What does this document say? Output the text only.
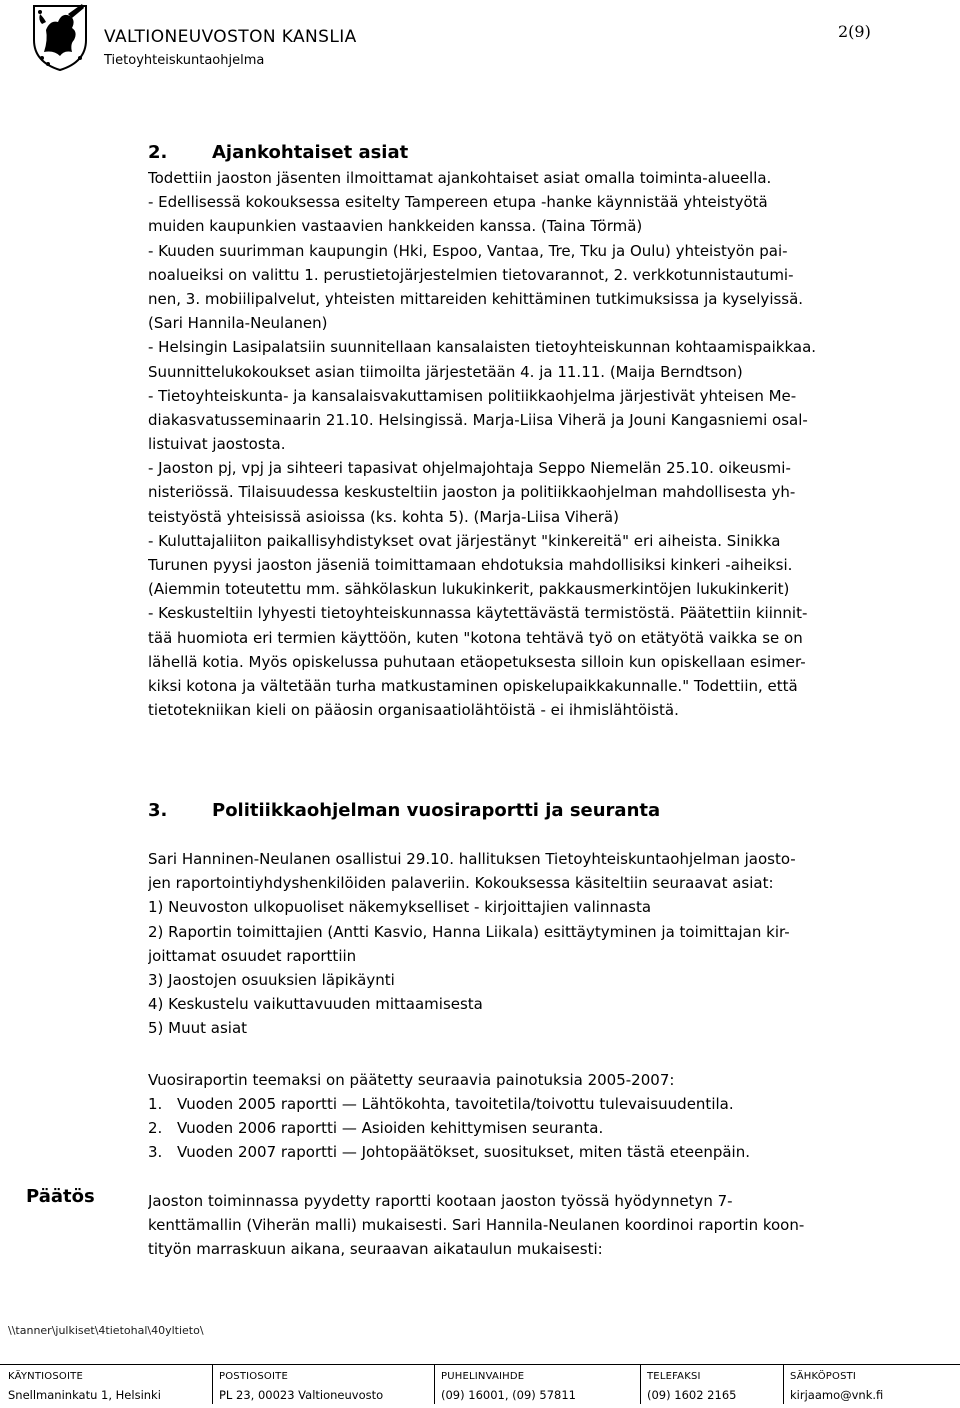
VALTIONEUVOSTON KANSLIA
Tietoyhteiskuntaohjelma
2(9)
2. Ajankohtaiset asiat
Todettiin jaoston jäsenten ilmoittamat ajankohtaiset asiat omalla toiminta-alueella.
- Edellisessä kokouksessa esitelty Tampereen etupa -hanke käynnistää yhteistyötä
muiden kaupunkien vastaavien hankkeiden kanssa. (Taina Törmä)
- Kuuden suurimman kaupungin (Hki, Espoo, Vantaa, Tre, Tku ja Oulu) yhteistyön pai-
noalueiksi on valittu 1. perustietojärjestelmien tietovarannot, 2. verkkotunnistautumi-
nen, 3. mobiilipalvelut, yhteisten mittareiden kehittäminen tutkimuksissa ja kyselyissä.
(Sari Hannila-Neulanen)
- Helsingin Lasipalatsiin suunnitellaan kansalaisten tietoyhteiskunnan kohtaamispaikkaa.
Suunnittelukokoukset asian tiimoilta järjestetään 4. ja 11.11. (Maija Berndtson)
- Tietoyhteiskunta- ja kansalaisvakuttamisen politiikkaohjelma järjestivät yhteisen Me-
diakasvatusseminaarin 21.10. Helsingissä. Marja-Liisa Viherä ja Jouni Kangasniemi osal-
listuivat jaostosta.
- Jaoston pj, vpj ja sihteeri tapasivat ohjelmajohtaja Seppo Niemelän 25.10. oikeusmi-
nisteriössä. Tilaisuudessa keskusteltiin jaoston ja politiikkaohjelman mahdollisesta yh-
teistyöstä yhteisissä asioissa (ks. kohta 5). (Marja-Liisa Viherä)
- Kuluttajaliiton paikallisyhdistykset ovat järjestänyt "kinkereitä" eri aiheista. Sinikka
Turunen pyysi jaoston jäseniä toimittamaan ehdotuksia mahdollisiksi kinkeri -aiheiksi.
(Aiemmin toteutettu mm. sähkölaskun lukukinkerit, pakkausmerkintöjen lukukinkerit)
- Keskusteltiin lyhyesti tietoyhteiskunnassa käytettävästä termistöstä. Päätettiin kiinnit-
tää huomiota eri termien käyttöön, kuten "kotona tehtävä työ on etätyötä vaikka se on
lähellä kotia. Myös opiskelussa puhutaan etäopetuksesta silloin kun opiskellaan esimer-
kiksi kotona ja vältetään turha matkustaminen opiskelupaikkakunnalle." Todettiin, että
tietotekniikan kieli on pääosin organisaatiolähtöistä - ei ihmislähtöistä.
3. Politiikkaohjelman vuosiraportti ja seuranta
Sari Hanninen-Neulanen osallistui 29.10. hallituksen Tietoyhteiskuntaohjelman jaosto-
jen raportointiyhdyshenkilöiden palaveriin. Kokouksessa käsiteltiin seuraavat asiat:
1) Neuvoston ulkopuoliset näkemykselliset - kirjoittajien valinnasta
2) Raportin toimittajien (Antti Kasvio, Hanna Liikala) esittäytyminen ja toimittajan kir-
joittamat osuudet raporttiin
3) Jaostojen osuuksien läpikäynti
4) Keskustelu vaikuttavuuden mittaamisesta
5) Muut asiat
Vuosiraportin teemaksi on päätetty seuraavia painotuksia 2005-2007:
1. Vuoden 2005 raportti — Lähtökohta, tavoitetila/toivottu tulevaisuudentila.
2. Vuoden 2006 raportti — Asioiden kehittymisen seuranta.
3. Vuoden 2007 raportti — Johtopäätökset, suositukset, miten tästä eteenpäin.
Päätös	Jaoston toiminnassa pyydetty raportti kootaan jaoston työssä hyödynnetyn 7-
kenttämallin (Viherän malli) mukaisesti. Sari Hannila-Neulanen koordinoi raportin koon-
tityön marraskuun aikana, seuraavan aikataulun mukaisesti:
\\tanner\julkiset\4tietohal\40yltieto\
KÄYNTIOSOITE
Snellmaninkatu 1, Helsinki
POSTIOSOITE
PL 23, 00023 Valtioneuvosto
PUHELINVAIHDE
(09) 16001, (09) 57811
TELEFAKSI
(09) 1602 2165
SÄHKÖPOSTI
kirjaamo@vnk.fi
